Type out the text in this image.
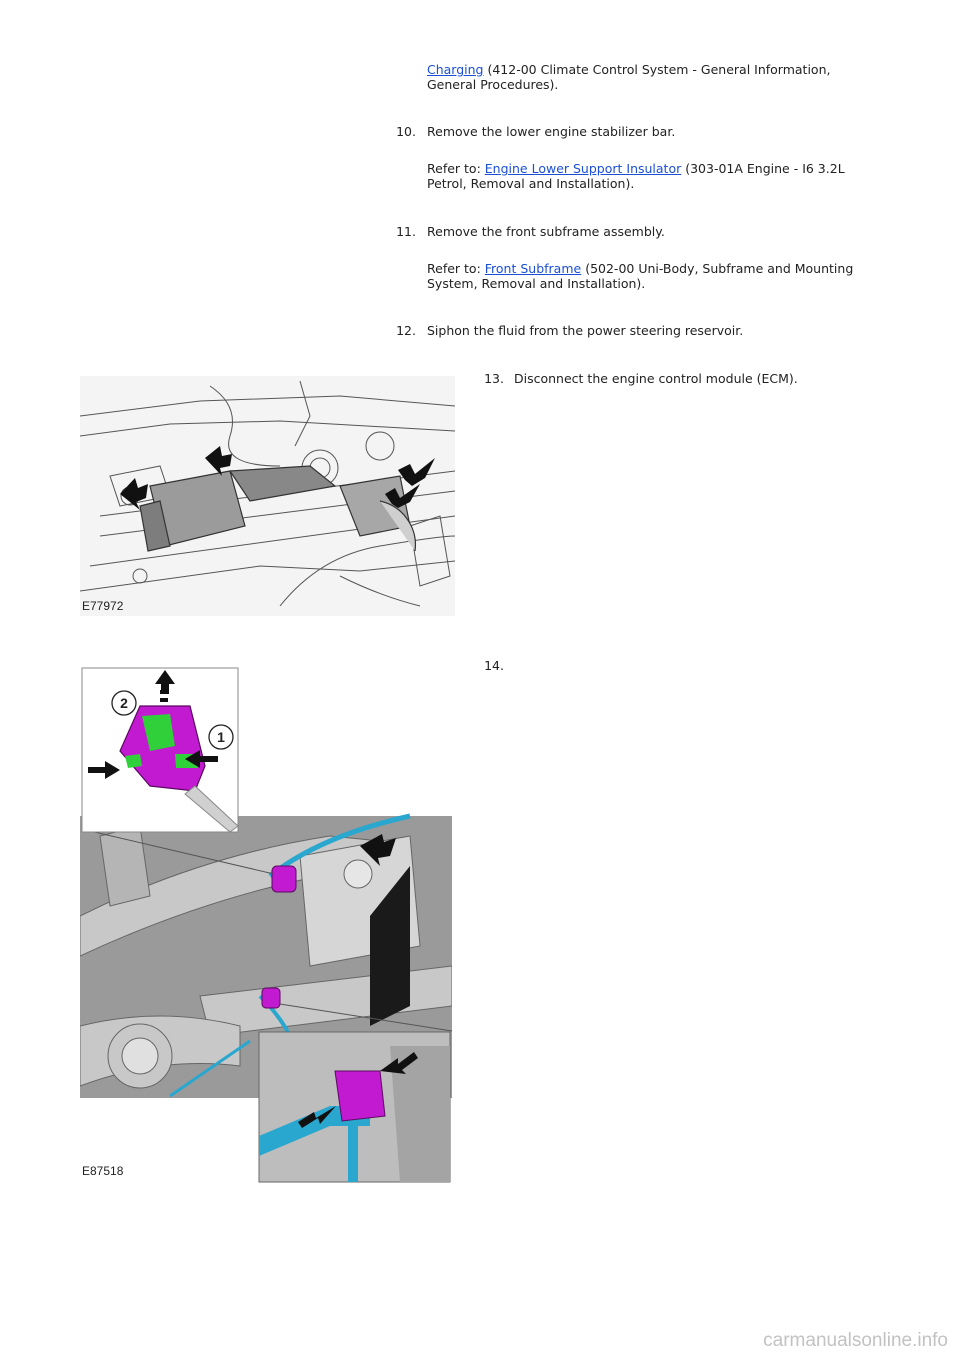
Charging (412-00 Climate Control System - General Information,
General Procedures).
10. Remove the lower engine stabilizer bar.
Refer to: Engine Lower Support Insulator (303-01A Engine - I6 3.2L
Petrol, Removal and Installation).
11. Remove the front subframe assembly.
Refer to: Front Subframe (502-00 Uni-Body, Subframe and Mounting
System, Removal and Installation).
12. Siphon the fluid from the power steering reservoir.
13. Disconnect the engine control module (ECM).
E77972
14.
2
1
E87518
carmanualsonline.info
